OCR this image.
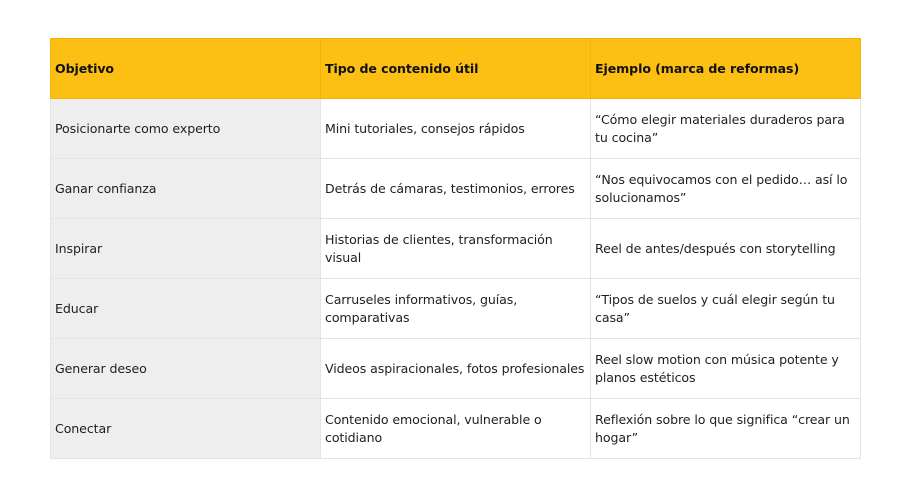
Objetivo	Tipo de contenido útil	Ejemplo (marca de reformas)
Posicionarte como experto	Mini tutoriales, consejos rápidos	“Cómo elegir materiales duraderos para tu cocina”
Ganar confianza	Detrás de cámaras, testimonios, errores	“Nos equivocamos con el pedido… así lo solucionamos”
Inspirar	Historias de clientes, transformación visual	Reel de antes/después con storytelling
Educar	Carruseles informativos, guías, comparativas	“Tipos de suelos y cuál elegir según tu casa”
Generar deseo	Videos aspiracionales, fotos profesionales	Reel slow motion con música potente y planos estéticos
Conectar	Contenido emocional, vulnerable o cotidiano	Reflexión sobre lo que significa “crear un hogar”
